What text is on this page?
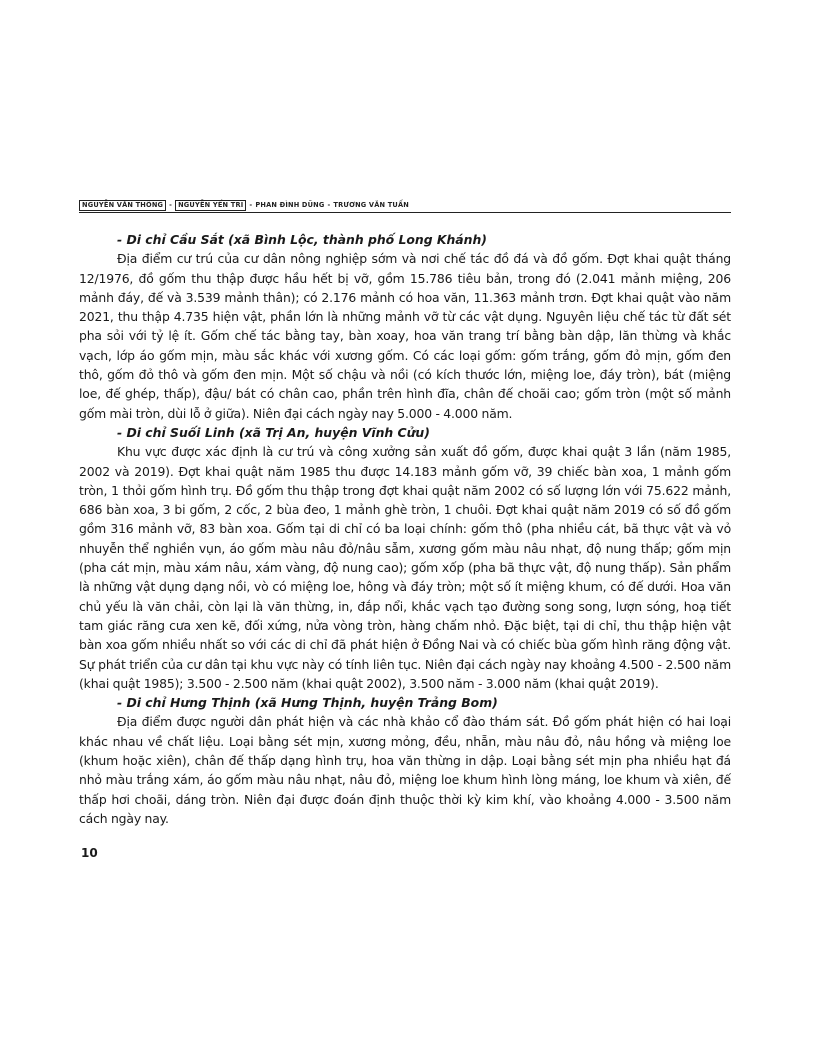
NGUYỄN VĂN THÔNG - NGUYỄN YẾN TRI - PHAN ĐÌNH DŨNG - TRƯƠNG VĂN TUẤN

- Di chỉ Cầu Sắt (xã Bình Lộc, thành phố Long Khánh)

Địa điểm cư trú của cư dân nông nghiệp sớm và nơi chế tác đồ đá và đồ gốm. Đợt khai quật tháng 12/1976, đồ gốm thu thập được hầu hết bị vỡ, gồm 15.786 tiêu bản, trong đó (2.041 mảnh miệng, 206 mảnh đáy, đế và 3.539 mảnh thân); có 2.176 mảnh có hoa văn, 11.363 mảnh trơn. Đợt khai quật vào năm 2021, thu thập 4.735 hiện vật, phần lớn là những mảnh vỡ từ các vật dụng. Nguyên liệu chế tác từ đất sét pha sỏi với tỷ lệ ít. Gốm chế tác bằng tay, bàn xoay, hoa văn trang trí bằng bàn dập, lăn thừng và khắc vạch, lớp áo gốm mịn, màu sắc khác với xương gốm. Có các loại gốm: gốm trắng, gốm đỏ mịn, gốm đen thô, gốm đỏ thô và gốm đen mịn. Một số chậu và nồi (có kích thước lớn, miệng loe, đáy tròn), bát (miệng loe, đế ghép, thấp), đậu/ bát có chân cao, phần trên hình đĩa, chân đế choãi cao; gốm tròn (một số mảnh gốm mài tròn, dùi lỗ ở giữa). Niên đại cách ngày nay 5.000 - 4.000 năm.

- Di chỉ Suối Linh (xã Trị An, huyện Vĩnh Cửu)

Khu vực được xác định là cư trú và công xưởng sản xuất đồ gốm, được khai quật 3 lần (năm 1985, 2002 và 2019). Đợt khai quật năm 1985 thu được 14.183 mảnh gốm vỡ, 39 chiếc bàn xoa, 1 mảnh gốm tròn, 1 thỏi gốm hình trụ. Đồ gốm thu thập trong đợt khai quật năm 2002 có số lượng lớn với 75.622 mảnh, 686 bàn xoa, 3 bi gốm, 2 cốc, 2 bùa đeo, 1 mảnh ghè tròn, 1 chuôi. Đợt khai quật năm 2019 có số đồ gốm gồm 316 mảnh vỡ, 83 bàn xoa. Gốm tại di chỉ có ba loại chính: gốm thô (pha nhiều cát, bã thực vật và vỏ nhuyễn thể nghiền vụn, áo gốm màu nâu đỏ/nâu sẫm, xương gốm màu nâu nhạt, độ nung thấp; gốm mịn (pha cát mịn, màu xám nâu, xám vàng, độ nung cao); gốm xốp (pha bã thực vật, độ nung thấp). Sản phẩm là những vật dụng dạng nồi, vò có miệng loe, hông và đáy tròn; một số ít miệng khum, có đế dưới. Hoa văn chủ yếu là văn chải, còn lại là văn thừng, in, đắp nổi, khắc vạch tạo đường song song, lượn sóng, hoạ tiết tam giác răng cưa xen kẽ, đối xứng, nửa vòng tròn, hàng chấm nhỏ. Đặc biệt, tại di chỉ, thu thập hiện vật bàn xoa gốm nhiều nhất so với các di chỉ đã phát hiện ở Đồng Nai và có chiếc bùa gốm hình răng động vật. Sự phát triển của cư dân tại khu vực này có tính liên tục. Niên đại cách ngày nay khoảng 4.500 - 2.500 năm (khai quật 1985); 3.500 - 2.500 năm (khai quật 2002), 3.500 năm - 3.000 năm (khai quật 2019).

- Di chỉ Hưng Thịnh (xã Hưng Thịnh, huyện Trảng Bom)

Địa điểm được người dân phát hiện và các nhà khảo cổ đào thám sát. Đồ gốm phát hiện có hai loại khác nhau về chất liệu. Loại bằng sét mịn, xương mỏng, đều, nhẵn, màu nâu đỏ, nâu hồng và miệng loe (khum hoặc xiên), chân đế thấp dạng hình trụ, hoa văn thừng in dập. Loại bằng sét mịn pha nhiều hạt đá nhỏ màu trắng xám, áo gốm màu nâu nhạt, nâu đỏ, miệng loe khum hình lòng máng, loe khum và xiên, đế thấp hơi choãi, dáng tròn. Niên đại được đoán định thuộc thời kỳ kim khí, vào khoảng 4.000 - 3.500 năm cách ngày nay.

10
